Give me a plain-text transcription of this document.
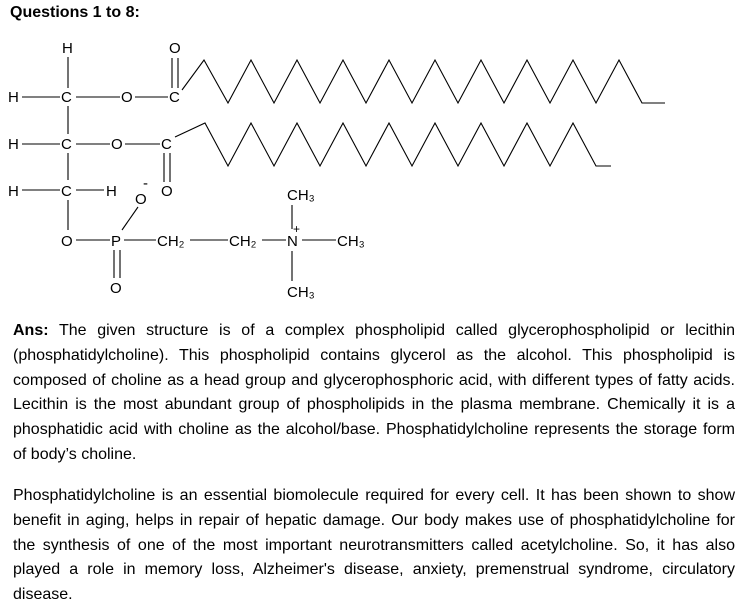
Questions 1 to 8:
H
H	C	O C
O
H	C	O	C
O
H	C H
O	P
-
O
O
CH₂	CH₂ N
+
CH₃
CH₃
CH₃
Ans: The given structure is of a complex phospholipid called glycerophospholipid or lecithin (phosphatidylcholine). This phospholipid contains glycerol as the alcohol. This phospholipid is composed of choline as a head group and glycerophosphoric acid, with different types of fatty acids. Lecithin is the most abundant group of phospholipids in the plasma membrane. Chemically it is a phosphatidic acid with choline as the alcohol/base. Phosphatidylcholine represents the storage form of body’s choline.
Phosphatidylcholine is an essential biomolecule required for every cell. It has been shown to show benefit in aging, helps in repair of hepatic damage. Our body makes use of phosphatidylcholine for the synthesis of one of the most important neurotransmitters called acetylcholine. So, it has also played a role in memory loss, Alzheimer's disease, anxiety, premenstrual syndrome, circulatory disease.
